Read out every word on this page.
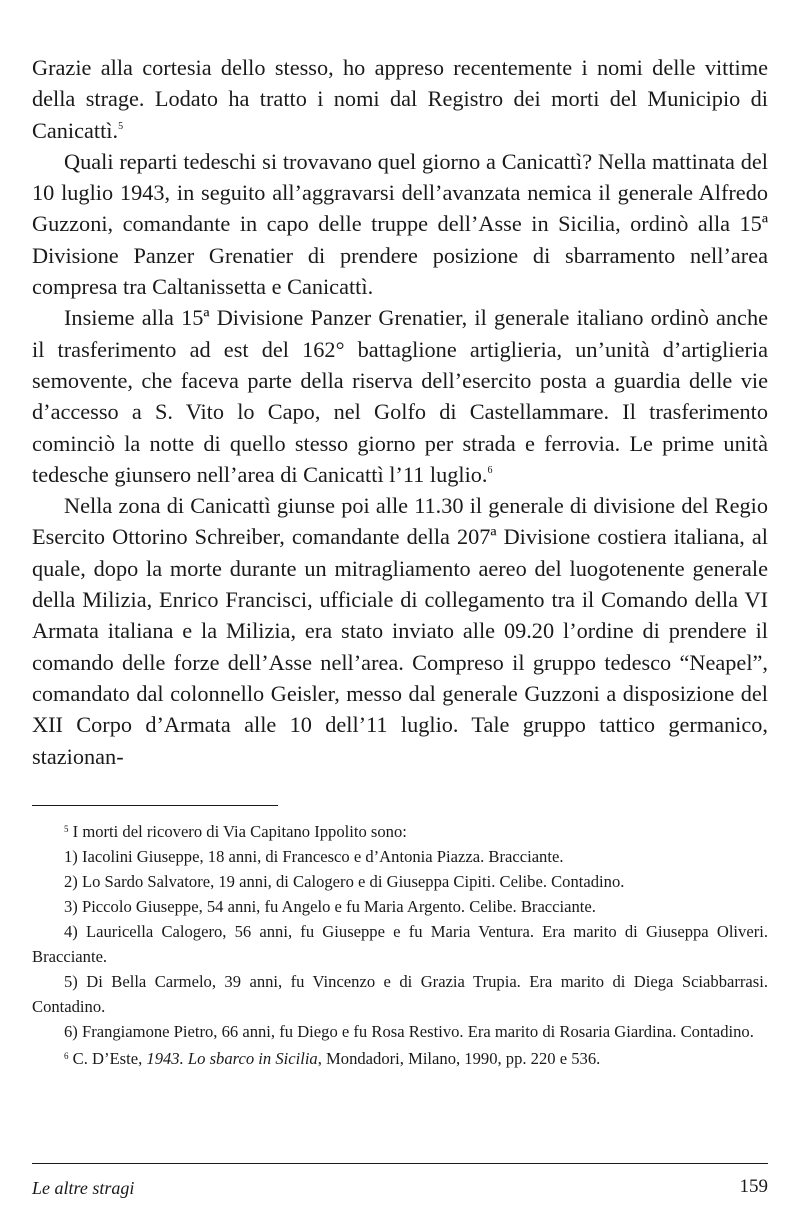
Grazie alla cortesia dello stesso, ho appreso recentemente i nomi delle vittime della strage. Lodato ha tratto i nomi dal Registro dei morti del Municipio di Canicattì.$^5$

Quali reparti tedeschi si trovavano quel giorno a Canicattì? Nella mattinata del 10 luglio 1943, in seguito all’aggravarsi dell’avanzata nemica il generale Alfredo Guzzoni, comandante in capo delle truppe dell’Asse in Sicilia, ordinò alla 15ª Divisione Panzer Grenatier di prendere posizione di sbarramento nell’area compresa tra Caltanissetta e Canicattì.

Insieme alla 15ª Divisione Panzer Grenatier, il generale italiano ordinò anche il trasferimento ad est del 162° battaglione artiglieria, un’unità d’artiglieria semovente, che faceva parte della riserva dell’esercito posta a guardia delle vie d’accesso a S. Vito lo Capo, nel Golfo di Castellammare. Il trasferimento cominciò la notte di quello stesso giorno per strada e ferrovia. Le prime unità tedesche giunsero nell’area di Canicattì l’11 luglio.$^6$

Nella zona di Canicattì giunse poi alle 11.30 il generale di divisione del Regio Esercito Ottorino Schreiber, comandante della 207ª Divisione costiera italiana, al quale, dopo la morte durante un mitragliamento aereo del luogotenente generale della Milizia, Enrico Francisci, ufficiale di collegamento tra il Comando della VI Armata italiana e la Milizia, era stato inviato alle 09.20 l’ordine di prendere il comando delle forze dell’Asse nell’area. Compreso il gruppo tedesco “Neapel”, comandato dal colonnello Geisler, messo dal generale Guzzoni a disposizione del XII Corpo d’Armata alle 10 dell’11 luglio. Tale gruppo tattico germanico, stazionan-

$^5$ I morti del ricovero di Via Capitano Ippolito sono:

1) Iacolini Giuseppe, 18 anni, di Francesco e d’Antonia Piazza. Bracciante.

2) Lo Sardo Salvatore, 19 anni, di Calogero e di Giuseppa Cipiti. Celibe. Contadino.

3) Piccolo Giuseppe, 54 anni, fu Angelo e fu Maria Argento. Celibe. Bracciante.

4) Lauricella Calogero, 56 anni, fu Giuseppe e fu Maria Ventura. Era marito di Giuseppa Oliveri. Bracciante.

5) Di Bella Carmelo, 39 anni, fu Vincenzo e di Grazia Trupia. Era marito di Diega Sciabbarrasi. Contadino.

6) Frangiamone Pietro, 66 anni, fu Diego e fu Rosa Restivo. Era marito di Rosaria Giardina. Contadino.

$^6$ C. D’Este, 1943. Lo sbarco in Sicilia, Mondadori, Milano, 1990, pp. 220 e 536.

Le altre stragi	159
